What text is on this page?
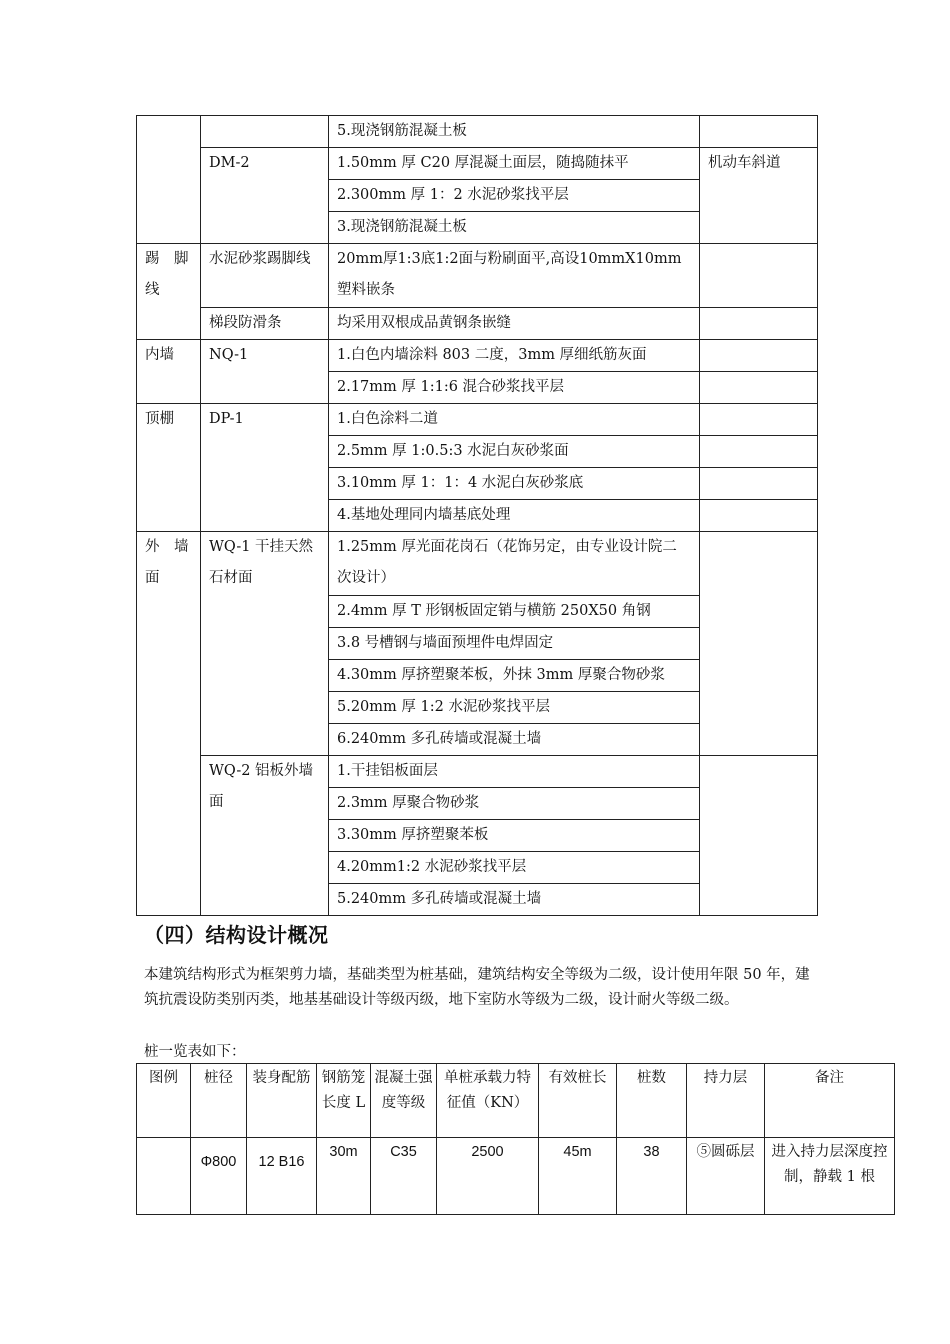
		5.现浇钢筋混凝土板	
	DM-2	1.50mm 厚 C20 厚混凝土面层，随捣随抹平	机动车斜道
		2.300mm 厚 1：2 水泥砂浆找平层	
		3.现浇钢筋混凝土板	
踢　脚线	水泥砂浆踢脚线	20mm厚1:3底1:2面与粉刷面平,高设10mmX10mm塑料嵌条	
	梯段防滑条	均采用双根成品黄钢条嵌缝	
内墙	NQ-1	1.白色内墙涂料 803 二度，3mm 厚细纸筋灰面	
		2.17mm 厚 1:1:6 混合砂浆找平层	
顶棚	DP-1	1.白色涂料二道	
		2.5mm 厚 1:0.5:3 水泥白灰砂浆面	
		3.10mm 厚 1：1：4 水泥白灰砂浆底	
		4.基地处理同内墙基底处理	
外　墙面	WQ-1 干挂天然石材面	1.25mm 厚光面花岗石（花饰另定，由专业设计院二次设计）	
		2.4mm 厚 T 形钢板固定销与横筋 250X50 角钢	
		3.8 号槽钢与墙面预埋件电焊固定	
		4.30mm 厚挤塑聚苯板，外抹 3mm 厚聚合物砂浆	
		5.20mm 厚 1:2 水泥砂浆找平层	
		6.240mm 多孔砖墙或混凝土墙	
	WQ-2 铝板外墙面	1.干挂铝板面层	
		2.3mm 厚聚合物砂浆	
		3.30mm 厚挤塑聚苯板	
		4.20mm1:2 水泥砂浆找平层	
		5.240mm 多孔砖墙或混凝土墙	
（四）结构设计概况
本建筑结构形式为框架剪力墙，基础类型为桩基础，建筑结构安全等级为二级，设计使用年限 50 年，建筑抗震设防类别丙类，地基基础设计等级丙级，地下室防水等级为二级，设计耐火等级二级。
桩一览表如下：
图例	桩径	装身配筋	钢筋笼长度 L	混凝土强度等级	单桩承载力特征值（KN）	有效桩长	桩数	持力层	备注
	Φ800	12 B16	30m	C35	2500	45m	38	⑤圆砾层	进入持力层深度控制，静载 1 根
